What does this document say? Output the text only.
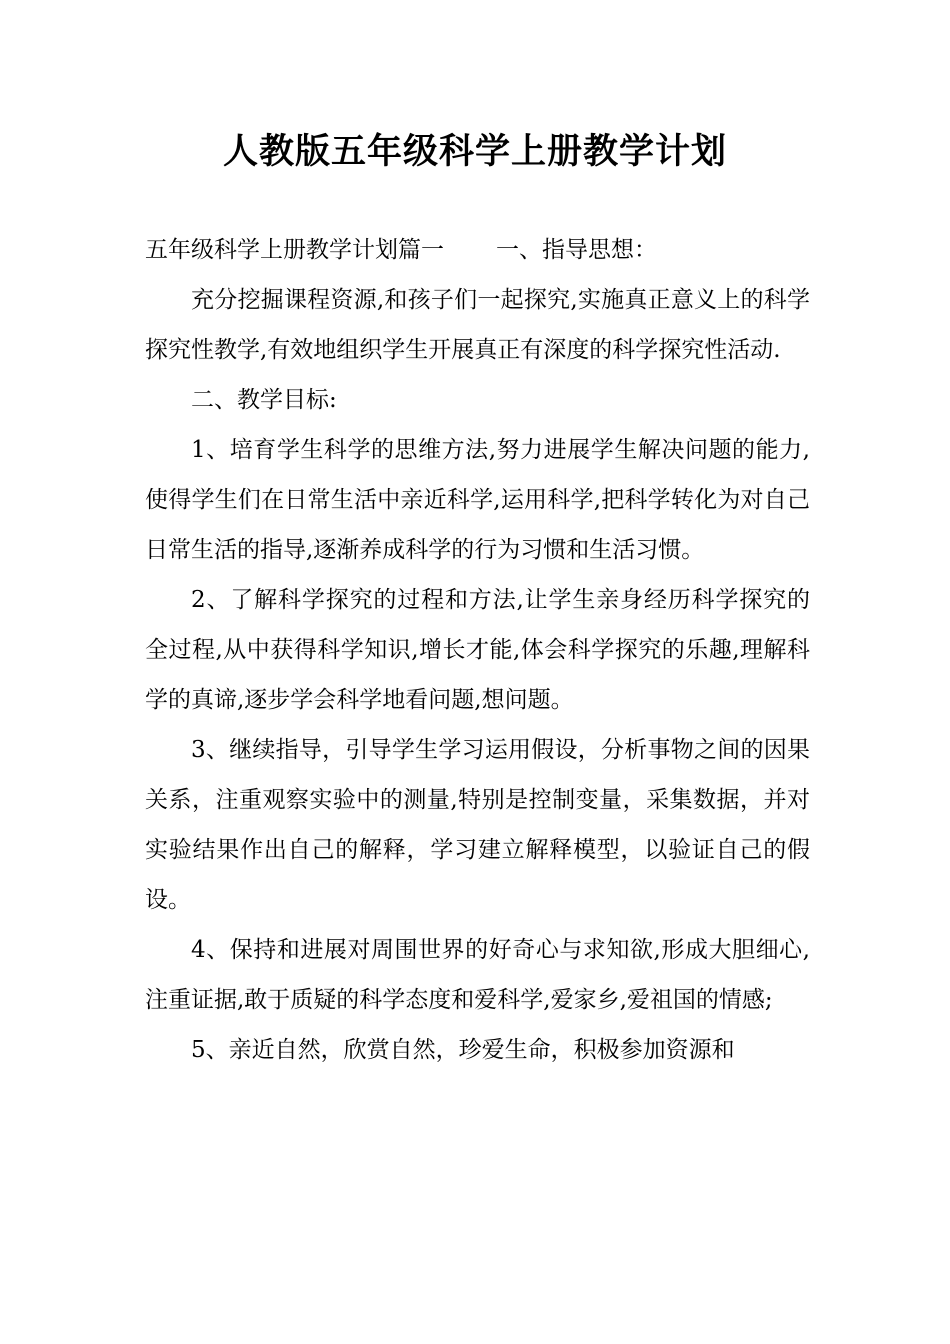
人教版五年级科学上册教学计划

五年级科学上册教学计划篇一 一、指导思想：

充分挖掘课程资源,和孩子们一起探究,实施真正意义上的科学探究性教学,有效地组织学生开展真正有深度的科学探究性活动.

二、教学目标:

1、培育学生科学的思维方法,努力进展学生解决问题的能力,使得学生们在日常生活中亲近科学,运用科学,把科学转化为对自己日常生活的指导,逐渐养成科学的行为习惯和生活习惯。

2、了解科学探究的过程和方法,让学生亲身经历科学探究的全过程,从中获得科学知识,增长才能,体会科学探究的乐趣,理解科学的真谛,逐步学会科学地看问题,想问题。

3、继续指导，引导学生学习运用假设，分析事物之间的因果关系，注重观察实验中的测量,特别是控制变量，采集数据，并对实验结果作出自己的解释，学习建立解释模型，以验证自己的假设。

4、保持和进展对周围世界的好奇心与求知欲,形成大胆细心,注重证据,敢于质疑的科学态度和爱科学,爱家乡,爱祖国的情感;

5、亲近自然，欣赏自然，珍爱生命，积极参加资源和
